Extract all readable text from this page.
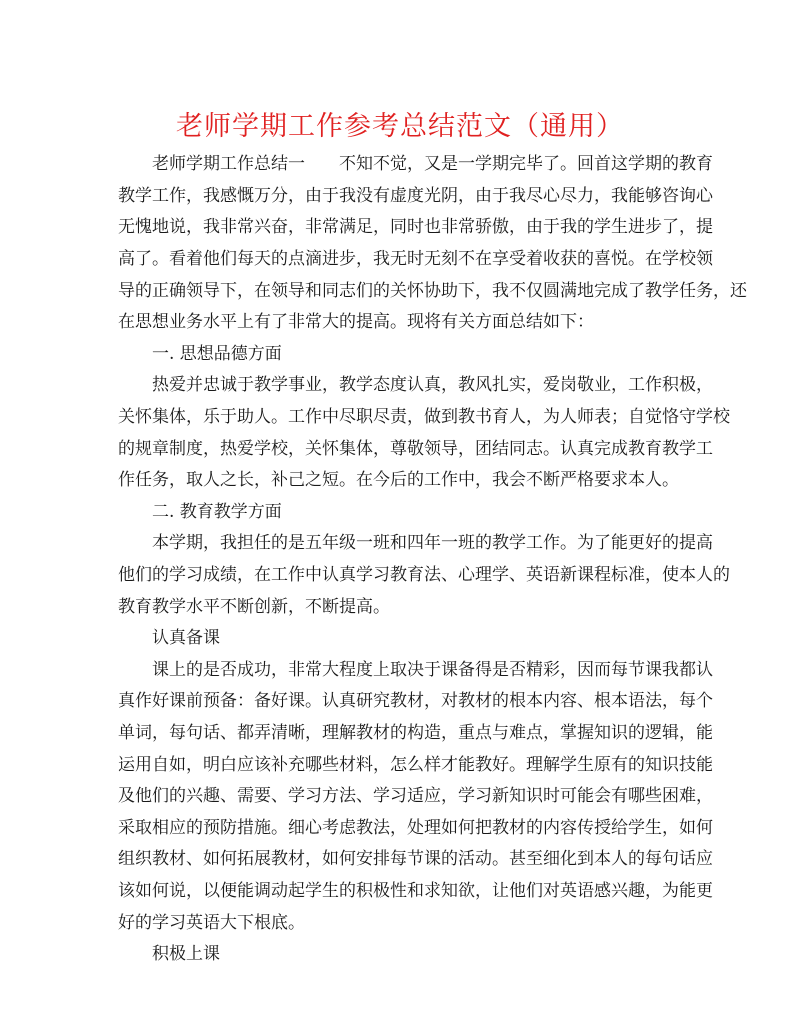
老师学期工作参考总结范文（通用）
老师学期工作总结一 不知不觉，又是一学期完毕了。回首这学期的教育
教学工作，我感慨万分，由于我没有虚度光阴，由于我尽心尽力，我能够咨询心
无愧地说，我非常兴奋，非常满足，同时也非常骄傲，由于我的学生进步了，提
高了。看着他们每天的点滴进步，我无时无刻不在享受着收获的喜悦。在学校领
导的正确领导下，在领导和同志们的关怀协助下，我不仅圆满地完成了教学任务，还
在思想业务水平上有了非常大的提高。现将有关方面总结如下：
一. 思想品德方面
热爱并忠诚于教学事业，教学态度认真，教风扎实，爱岗敬业，工作积极，
关怀集体，乐于助人。工作中尽职尽责，做到教书育人，为人师表；自觉恪守学校
的规章制度，热爱学校，关怀集体，尊敬领导，团结同志。认真完成教育教学工
作任务，取人之长，补己之短。在今后的工作中，我会不断严格要求本人。
二. 教育教学方面
本学期，我担任的是五年级一班和四年一班的教学工作。为了能更好的提高
他们的学习成绩，在工作中认真学习教育法、心理学、英语新课程标准，使本人的
教育教学水平不断创新，不断提高。
认真备课
课上的是否成功，非常大程度上取决于课备得是否精彩，因而每节课我都认
真作好课前预备：备好课。认真研究教材，对教材的根本内容、根本语法，每个
单词，每句话、都弄清晰，理解教材的构造，重点与难点，掌握知识的逻辑，能
运用自如，明白应该补充哪些材料，怎么样才能教好。理解学生原有的知识技能
及他们的兴趣、需要、学习方法、学习适应，学习新知识时可能会有哪些困难，
采取相应的预防措施。细心考虑教法，处理如何把教材的内容传授给学生，如何
组织教材、如何拓展教材，如何安排每节课的活动。甚至细化到本人的每句话应
该如何说，以便能调动起学生的积极性和求知欲，让他们对英语感兴趣，为能更
好的学习英语大下根底。
积极上课
